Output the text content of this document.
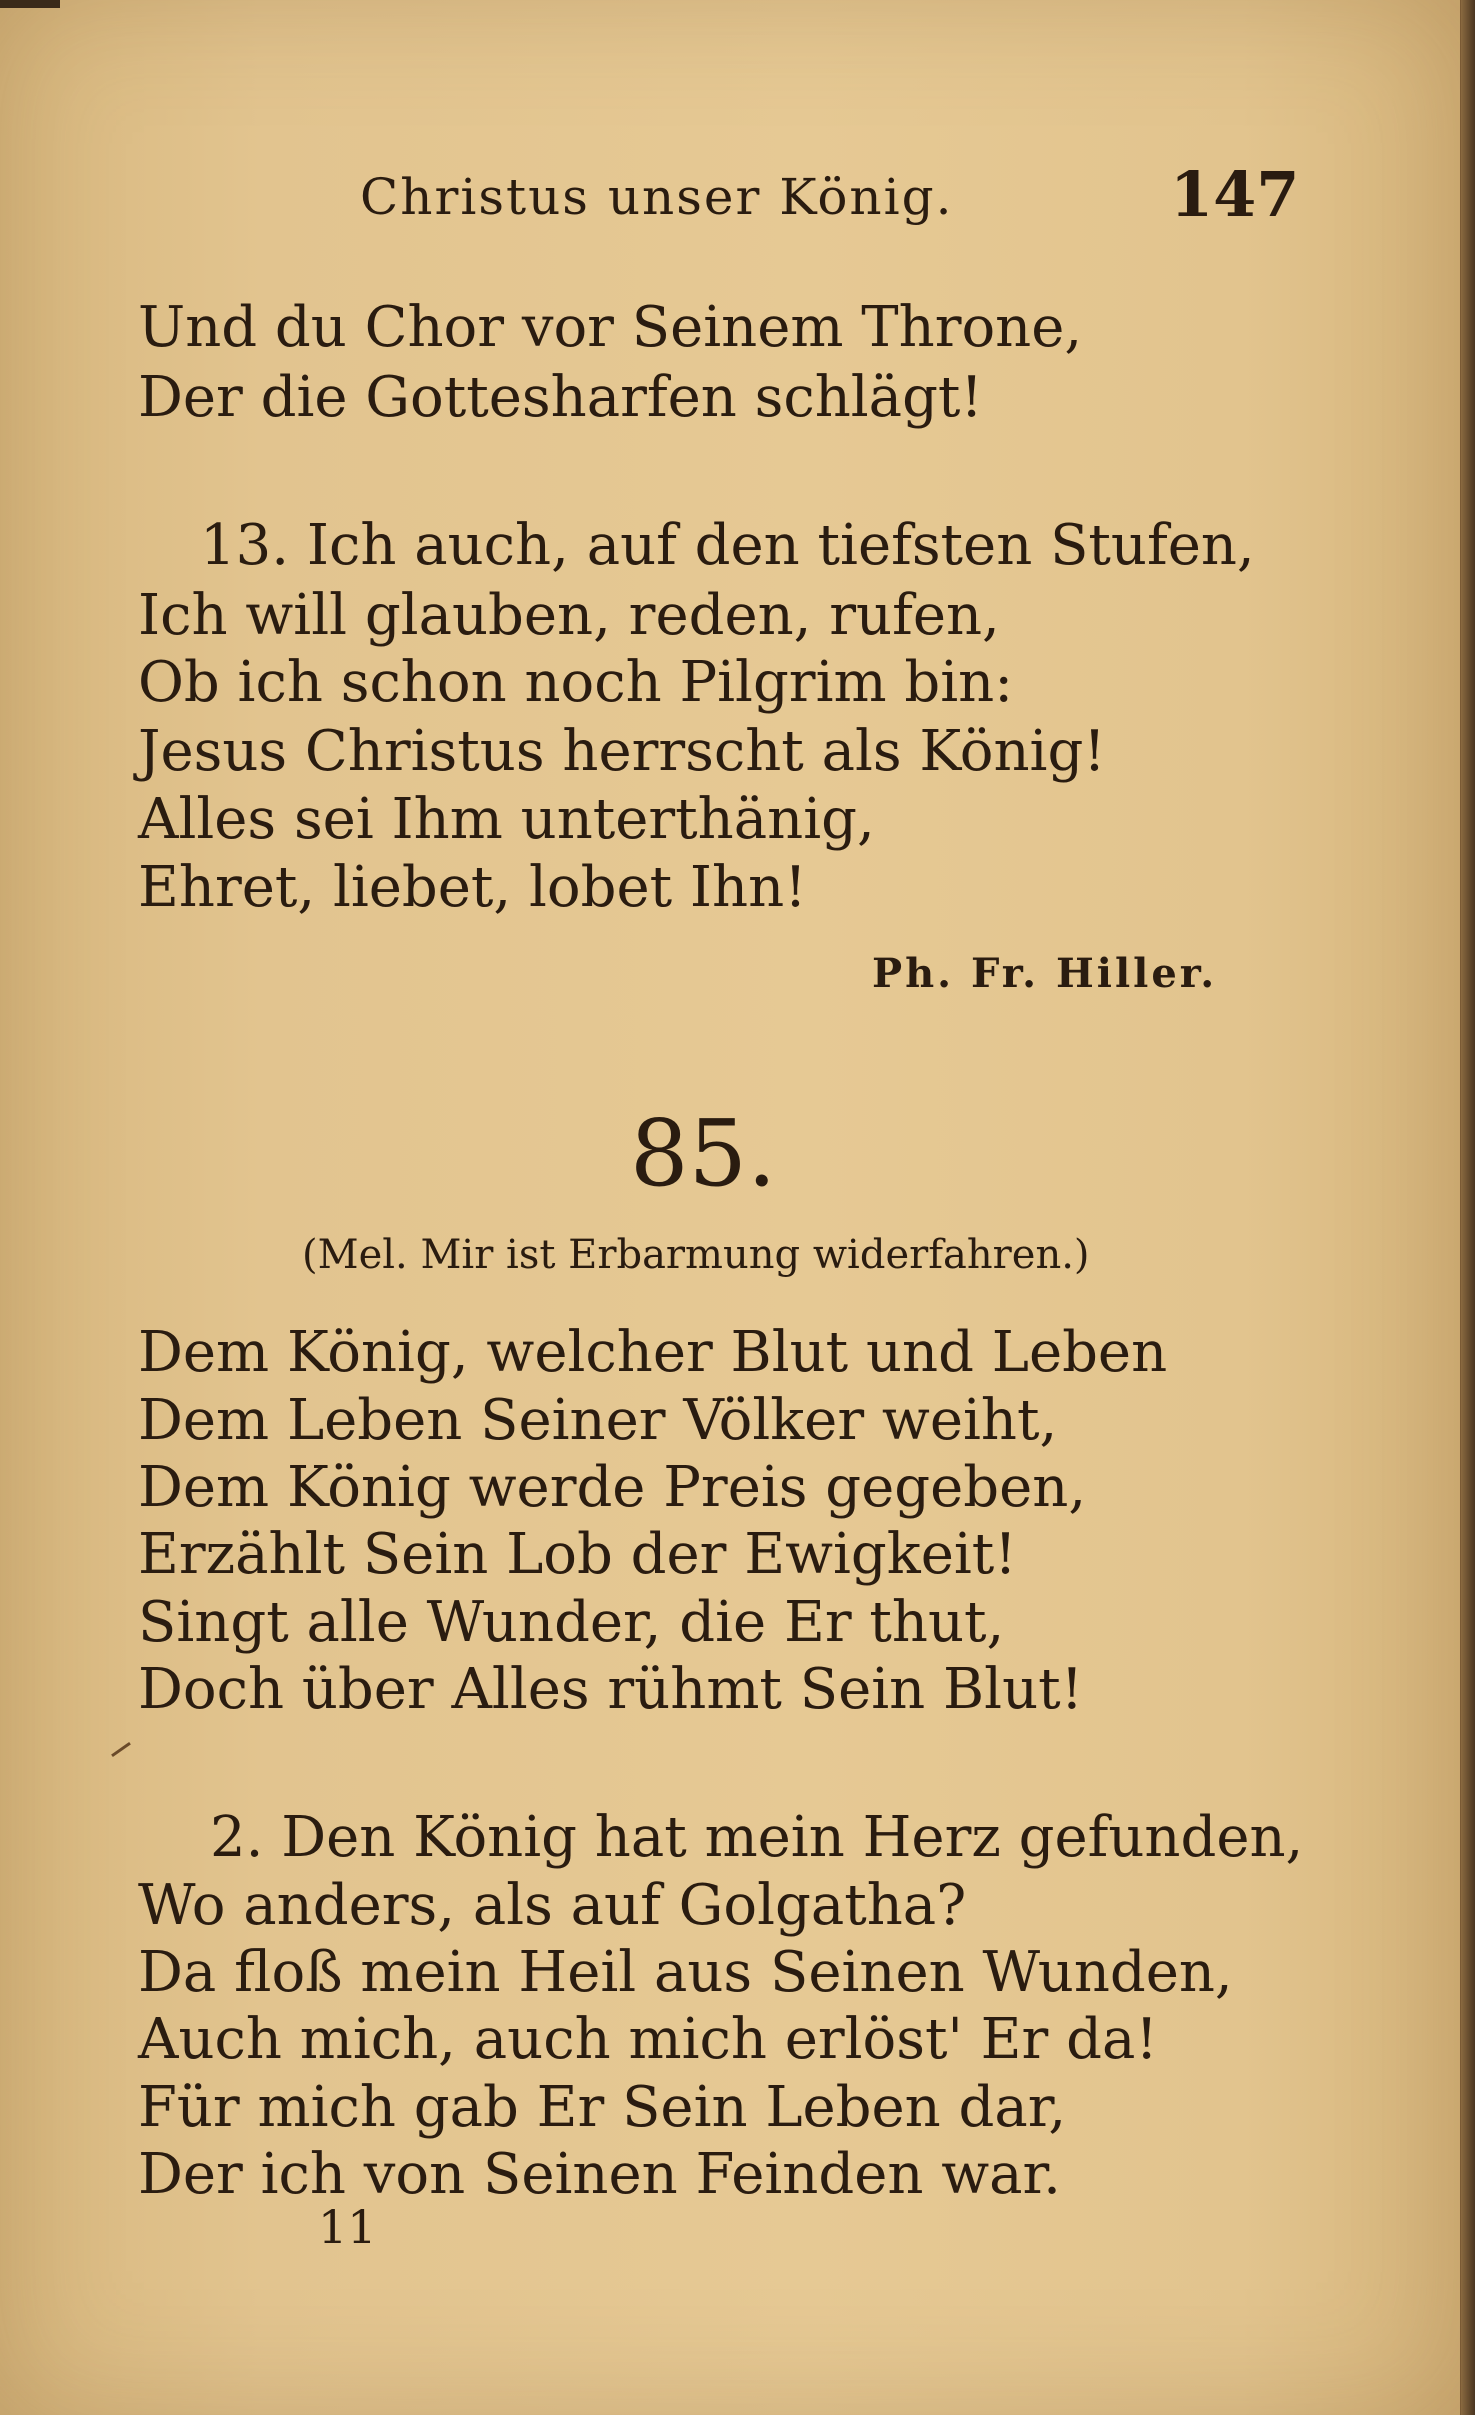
Christus unser König.	147
Und du Chor vor Seinem Throne,
Der die Gottesharfen schlägt!
13. Ich auch, auf den tiefsten Stufen,
Ich will glauben, reden, rufen,
Ob ich schon noch Pilgrim bin:
Jesus Christus herrscht als König!
Alles sei Ihm unterthänig,
Ehret, liebet, lobet Ihn!
Ph. Fr. Hiller.
85.
(Mel. Mir ist Erbarmung widerfahren.)
Dem König, welcher Blut und Leben
Dem Leben Seiner Völker weiht,
Dem König werde Preis gegeben,
Erzählt Sein Lob der Ewigkeit!
Singt alle Wunder, die Er thut,
Doch über Alles rühmt Sein Blut!
2. Den König hat mein Herz gefunden,
Wo anders, als auf Golgatha?
Da floß mein Heil aus Seinen Wunden,
Auch mich, auch mich erlöst' Er da!
Für mich gab Er Sein Leben dar,
Der ich von Seinen Feinden war.
11
